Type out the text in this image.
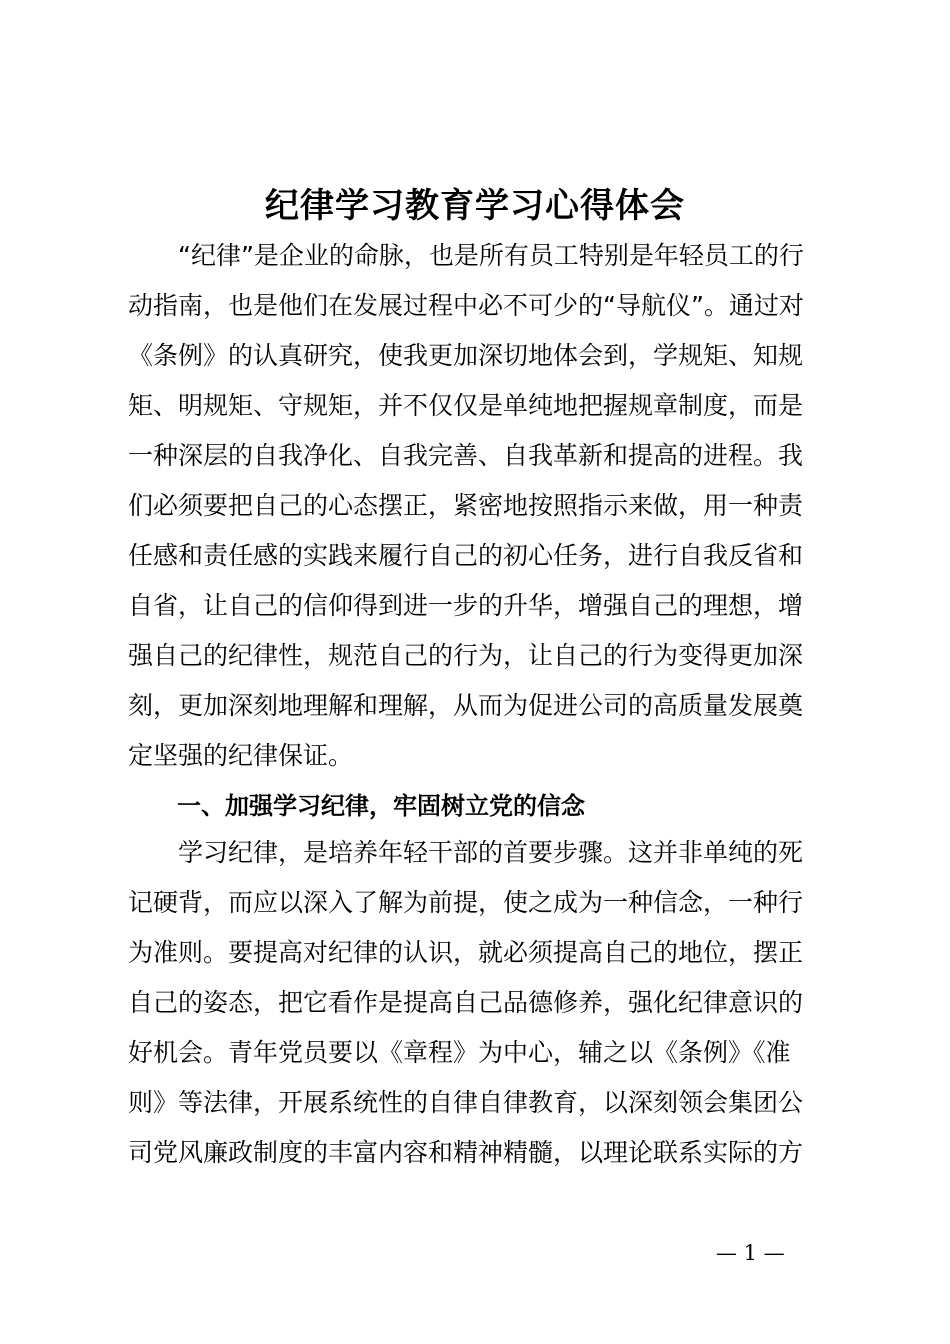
纪律学习教育学习心得体会
　　“纪律”是企业的命脉，也是所有员工特别是年轻员工的行
动指南，也是他们在发展过程中必不可少的“导航仪”。通过对
《条例》的认真研究，使我更加深切地体会到，学规矩、知规
矩、明规矩、守规矩，并不仅仅是单纯地把握规章制度，而是
一种深层的自我净化、自我完善、自我革新和提高的进程。我
们必须要把自己的心态摆正，紧密地按照指示来做，用一种责
任感和责任感的实践来履行自己的初心任务，进行自我反省和
自省，让自己的信仰得到进一步的升华，增强自己的理想，增
强自己的纪律性，规范自己的行为，让自己的行为变得更加深
刻，更加深刻地理解和理解，从而为促进公司的高质量发展奠
定坚强的纪律保证。
一、加强学习纪律，牢固树立党的信念
　　学习纪律，是培养年轻干部的首要步骤。这并非单纯的死
记硬背，而应以深入了解为前提，使之成为一种信念，一种行
为准则。要提高对纪律的认识，就必须提高自己的地位，摆正
自己的姿态，把它看作是提高自己品德修养，强化纪律意识的
好机会。青年党员要以《章程》为中心，辅之以《条例》《准
则》等法律，开展系统性的自律自律教育，以深刻领会集团公
司党风廉政制度的丰富内容和精神精髓，以理论联系实际的方
— 1 —
